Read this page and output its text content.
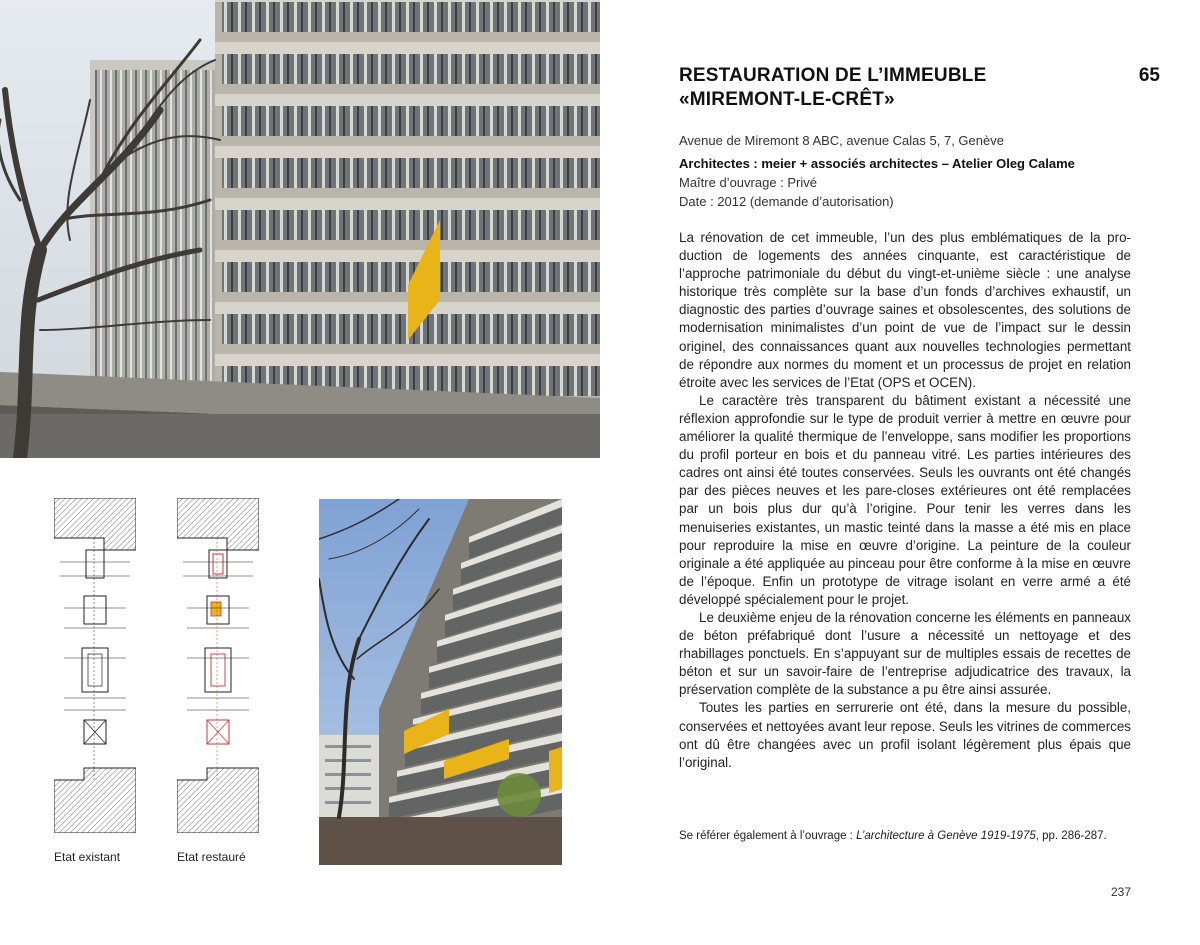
Etat existant	Etat restauré
RESTAURATION DE L’IMMEUBLE
«MIREMONT-LE-CRÊT»
65

Avenue de Miremont 8 ABC, avenue Calas 5, 7, Genève

Architectes : meier + associés architectes – Atelier Oleg Calame

Maître d’ouvrage : Privé

Date : 2012 (demande d’autorisation)

La rénovation de cet immeuble, l’un des plus emblématiques de la production de logements des années cinquante, est caractéristique de l’approche patrimoniale du début du vingt-et-unième siècle : une analyse historique très complète sur la base d’un fonds d’archives exhaustif, un diagnostic des parties d’ouvrage saines et obsolescentes, des solutions de modernisation minimalistes d’un point de vue de l’impact sur le dessin originel, des connaissances quant aux nouvelles technologies permettant de répondre aux normes du moment et un processus de projet en relation étroite avec les services de l’Etat (OPS et OCEN).

Le caractère très transparent du bâtiment existant a nécessité une réflexion approfondie sur le type de produit verrier à mettre en œuvre pour améliorer la qualité thermique de l’enveloppe, sans modifier les proportions du profil porteur en bois et du panneau vitré. Les parties intérieures des cadres ont ainsi été toutes conservées. Seuls les ouvrants ont été changés par des pièces neuves et les pare-closes extérieures ont été remplacées par un bois plus dur qu’à l’origine. Pour tenir les verres dans les menuiseries existantes, un mastic teinté dans la masse a été mis en place pour reproduire la mise en œuvre d’origine. La peinture de la couleur originale a été appliquée au pinceau pour être conforme à la mise en œuvre de l’époque. Enfin un prototype de vitrage isolant en verre armé a été développé spécialement pour le projet.

Le deuxième enjeu de la rénovation concerne les éléments en panneaux de béton préfabriqué dont l’usure a nécessité un nettoyage et des rhabillages ponctuels. En s’appuyant sur de multiples essais de recettes de béton et sur un savoir-faire de l’entreprise adjudicatrice des travaux, la préservation complète de la substance a pu être ainsi assurée.

Toutes les parties en serrurerie ont été, dans la mesure du possible, conservées et nettoyées avant leur repose. Seuls les vitrines de commerces ont dû être changées avec un profil isolant légèrement plus épais que l’original.

Se référer également à l’ouvrage : L’architecture à Genève 1919-1975, pp. 286-287.
237
